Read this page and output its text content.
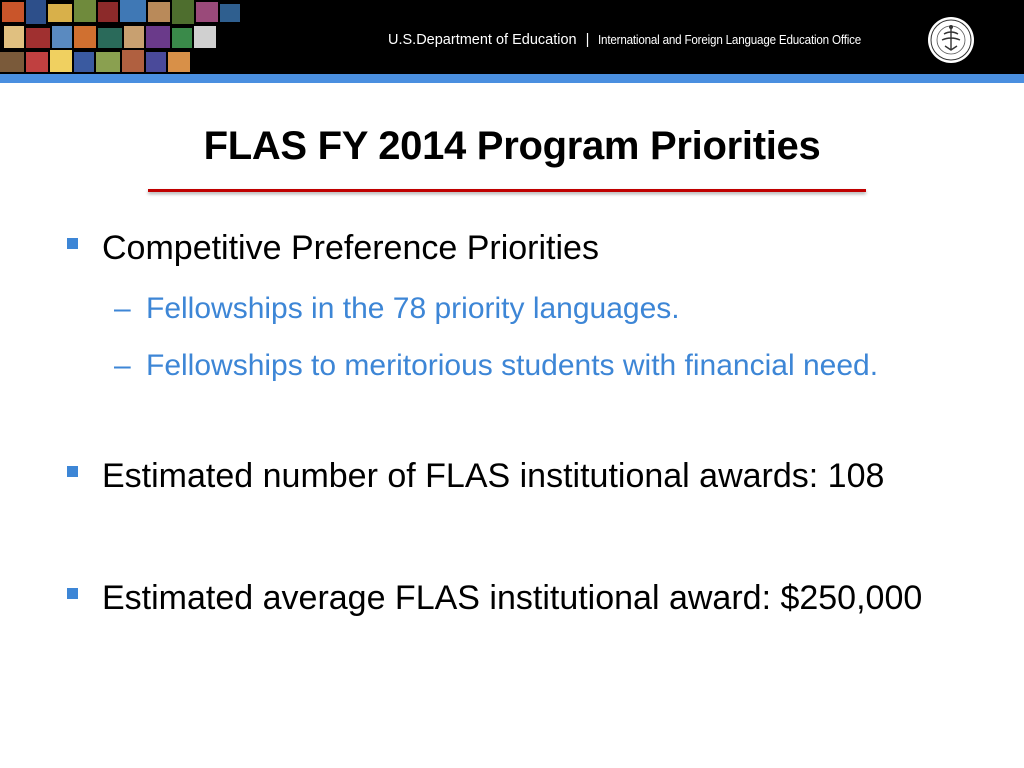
U.S.Department of Education | International and Foreign Language Education Office
FLAS FY 2014 Program Priorities
Competitive Preference Priorities
– Fellowships in the 78 priority languages.
– Fellowships to meritorious students with financial need.
Estimated number of FLAS institutional awards: 108
Estimated average FLAS institutional award: $250,000
